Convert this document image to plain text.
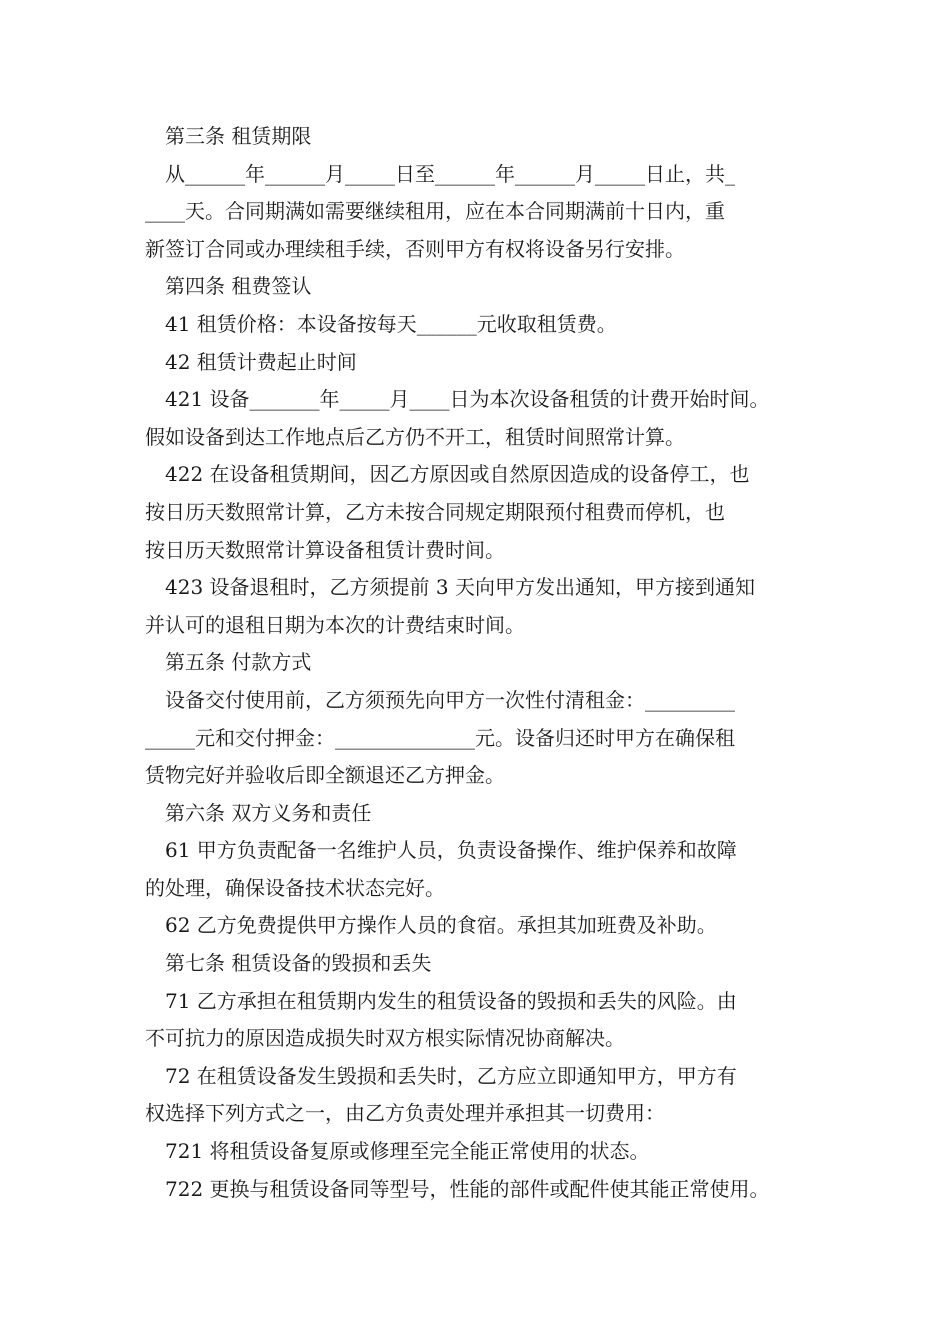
第三条 租赁期限

从______年______月_____日至______年______月_____日止，共_

____天。合同期满如需要继续租用，应在本合同期满前十日内，重

新签订合同或办理续租手续，否则甲方有权将设备另行安排。

第四条 租费签认

41 租赁价格：本设备按每天______元收取租赁费。

42 租赁计费起止时间

421 设备_______年_____月____日为本次设备租赁的计费开始时间。

假如设备到达工作地点后乙方仍不开工，租赁时间照常计算。

422 在设备租赁期间，因乙方原因或自然原因造成的设备停工，也

按日历天数照常计算，乙方未按合同规定期限预付租费而停机，也

按日历天数照常计算设备租赁计费时间。

423 设备退租时，乙方须提前 3 天向甲方发出通知，甲方接到通知

并认可的退租日期为本次的计费结束时间。

第五条 付款方式

设备交付使用前，乙方须预先向甲方一次性付清租金：_________

_____元和交付押金：______________元。设备归还时甲方在确保租

赁物完好并验收后即全额退还乙方押金。

第六条 双方义务和责任

61 甲方负责配备一名维护人员，负责设备操作、维护保养和故障

的处理，确保设备技术状态完好。

62 乙方免费提供甲方操作人员的食宿。承担其加班费及补助。

第七条 租赁设备的毁损和丢失

71 乙方承担在租赁期内发生的租赁设备的毁损和丢失的风险。由

不可抗力的原因造成损失时双方根实际情况协商解决。

72 在租赁设备发生毁损和丢失时，乙方应立即通知甲方，甲方有

权选择下列方式之一，由乙方负责处理并承担其一切费用：

721 将租赁设备复原或修理至完全能正常使用的状态。

722 更换与租赁设备同等型号，性能的部件或配件使其能正常使用。
